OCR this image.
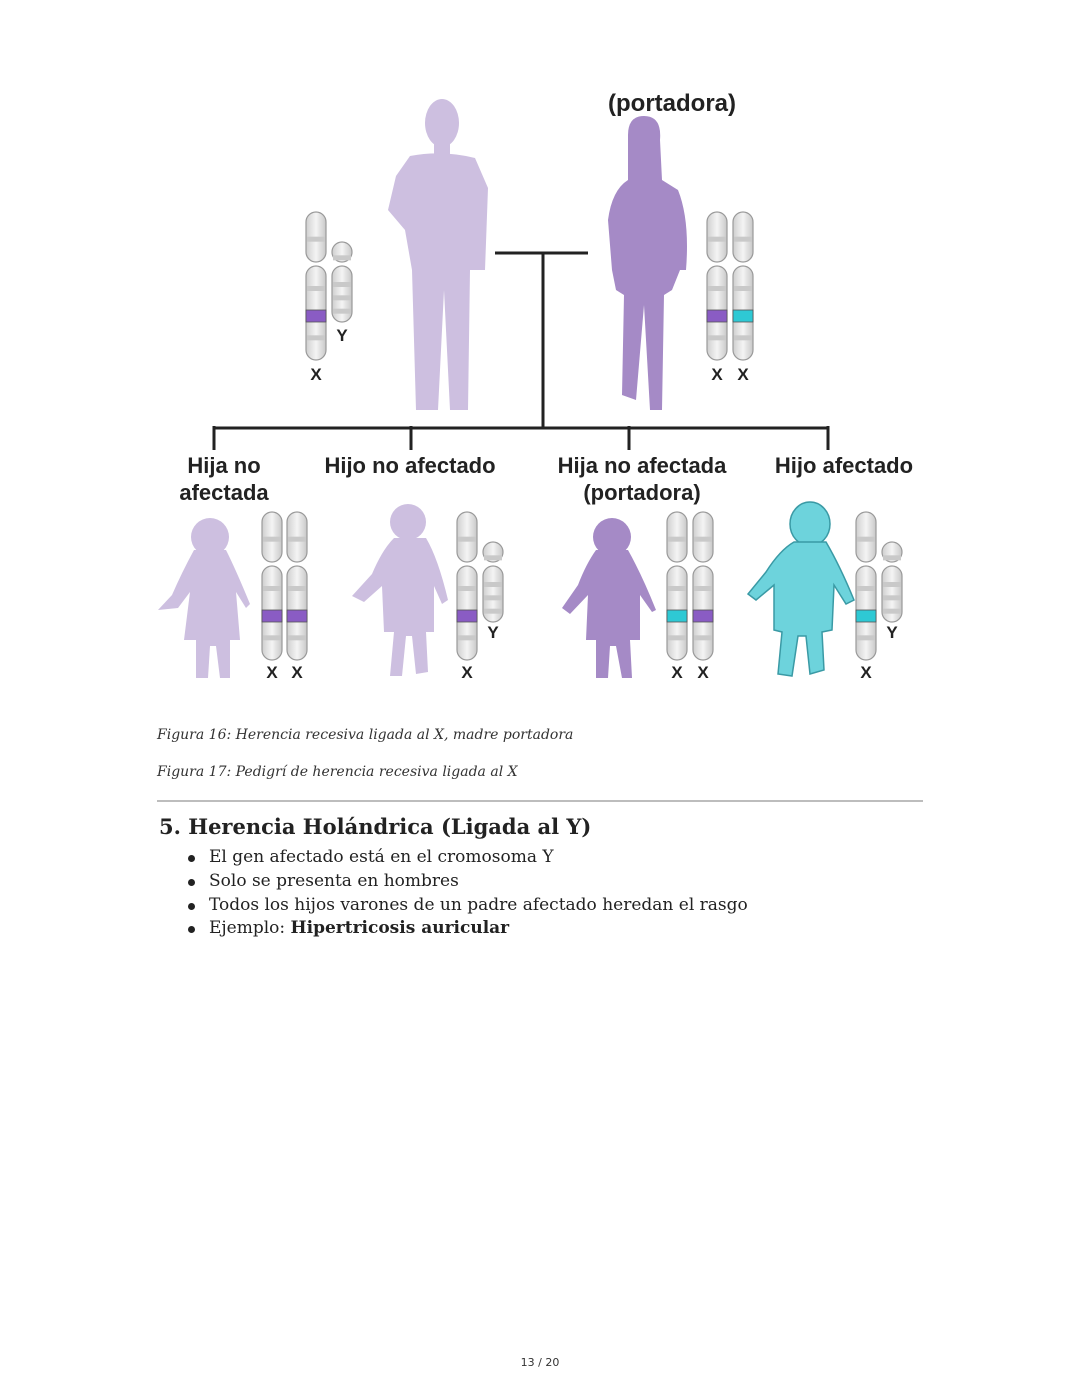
(portadora)
X
Y
X X
Hija no
afectada
Hijo no afectado	Hija no afectada
(portadora)
Hijo afectado
X X	X
Y
X X	X
Y
Figura 16: Herencia recesiva ligada al X, madre portadora
Figura 17: Pedigrí de herencia recesiva ligada al X
5. Herencia Holándrica (Ligada al Y)
El gen afectado está en el cromosoma Y
Solo se presenta en hombres
Todos los hijos varones de un padre afectado heredan el rasgo
Ejemplo: Hipertricosis auricular
13 / 20
